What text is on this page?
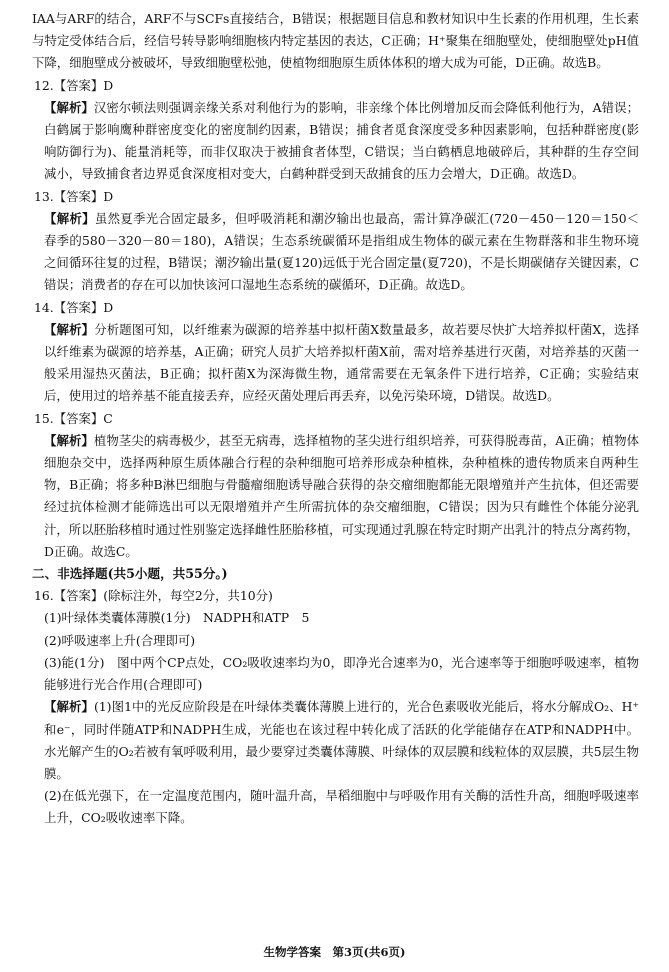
IAA与ARF的结合，ARF不与SCFs直接结合，B错误；根据题目信息和教材知识中生长素的作用机理，生长素与特定受体结合后，经信号转导影响细胞核内特定基因的表达，C正确；H⁺聚集在细胞壁处，使细胞壁处pH值下降，细胞壁成分被破坏，导致细胞壁松弛，使植物细胞原生质体体积的增大成为可能，D正确。故选B。

12.【答案】D

【解析】汉密尔顿法则强调亲缘关系对利他行为的影响，非亲缘个体比例增加反而会降低利他行为，A错误；白鹤属于影响鹰种群密度变化的密度制约因素，B错误；捕食者觅食深度受多种因素影响，包括种群密度(影响防御行为)、能量消耗等，而非仅取决于被捕食者体型，C错误；当白鹤栖息地破碎后，其种群的生存空间减小，导致捕食者边界觅食深度相对变大，白鹤种群受到天敌捕食的压力会增大，D正确。故选D。

13.【答案】D

【解析】虽然夏季光合固定最多，但呼吸消耗和潮汐输出也最高，需计算净碳汇(720－450－120＝150＜春季的580－320－80＝180)，A错误；生态系统碳循环是指组成生物体的碳元素在生物群落和非生物环境之间循环往复的过程，B错误；潮汐输出量(夏120)远低于光合固定量(夏720)，不是长期碳储存关键因素，C错误；消费者的存在可以加快该河口湿地生态系统的碳循环，D正确。故选D。

14.【答案】D

【解析】分析题图可知，以纤维素为碳源的培养基中拟杆菌X数量最多，故若要尽快扩大培养拟杆菌X，选择以纤维素为碳源的培养基，A正确；研究人员扩大培养拟杆菌X前，需对培养基进行灭菌，对培养基的灭菌一般采用湿热灭菌法，B正确；拟杆菌X为深海微生物，通常需要在无氧条件下进行培养，C正确；实验结束后，使用过的培养基不能直接丢弃，应经灭菌处理后再丢弃，以免污染环境，D错误。故选D。

15.【答案】C

【解析】植物茎尖的病毒极少，甚至无病毒，选择植物的茎尖进行组织培养，可获得脱毒苗，A正确；植物体细胞杂交中，选择两种原生质体融合行程的杂种细胞可培养形成杂种植株，杂种植株的遗传物质来自两种生物，B正确；将多种B淋巴细胞与骨髓瘤细胞诱导融合获得的杂交瘤细胞都能无限增殖并产生抗体，但还需要经过抗体检测才能筛选出可以无限增殖并产生所需抗体的杂交瘤细胞，C错误；因为只有雌性个体能分泌乳汁，所以胚胎移植时通过性别鉴定选择雌性胚胎移植，可实现通过乳腺在特定时期产出乳汁的特点分离药物，D正确。故选C。

二、非选择题(共5小题，共55分。)

16.【答案】(除标注外，每空2分，共10分)

(1)叶绿体类囊体薄膜(1分)　NADPH和ATP　5

(2)呼吸速率上升(合理即可)

(3)能(1分)　图中两个CP点处，CO₂吸收速率均为0，即净光合速率为0，光合速率等于细胞呼吸速率，植物能够进行光合作用(合理即可)

【解析】(1)图1中的光反应阶段是在叶绿体类囊体薄膜上进行的，光合色素吸收光能后，将水分解成O₂、H⁺和e⁻，同时伴随ATP和NADPH生成，光能也在该过程中转化成了活跃的化学能储存在ATP和NADPH中。水光解产生的O₂若被有氧呼吸利用，最少要穿过类囊体薄膜、叶绿体的双层膜和线粒体的双层膜，共5层生物膜。

(2)在低光强下，在一定温度范围内，随叶温升高，旱稻细胞中与呼吸作用有关酶的活性升高，细胞呼吸速率上升，CO₂吸收速率下降。

生物学答案　第3页(共6页)
